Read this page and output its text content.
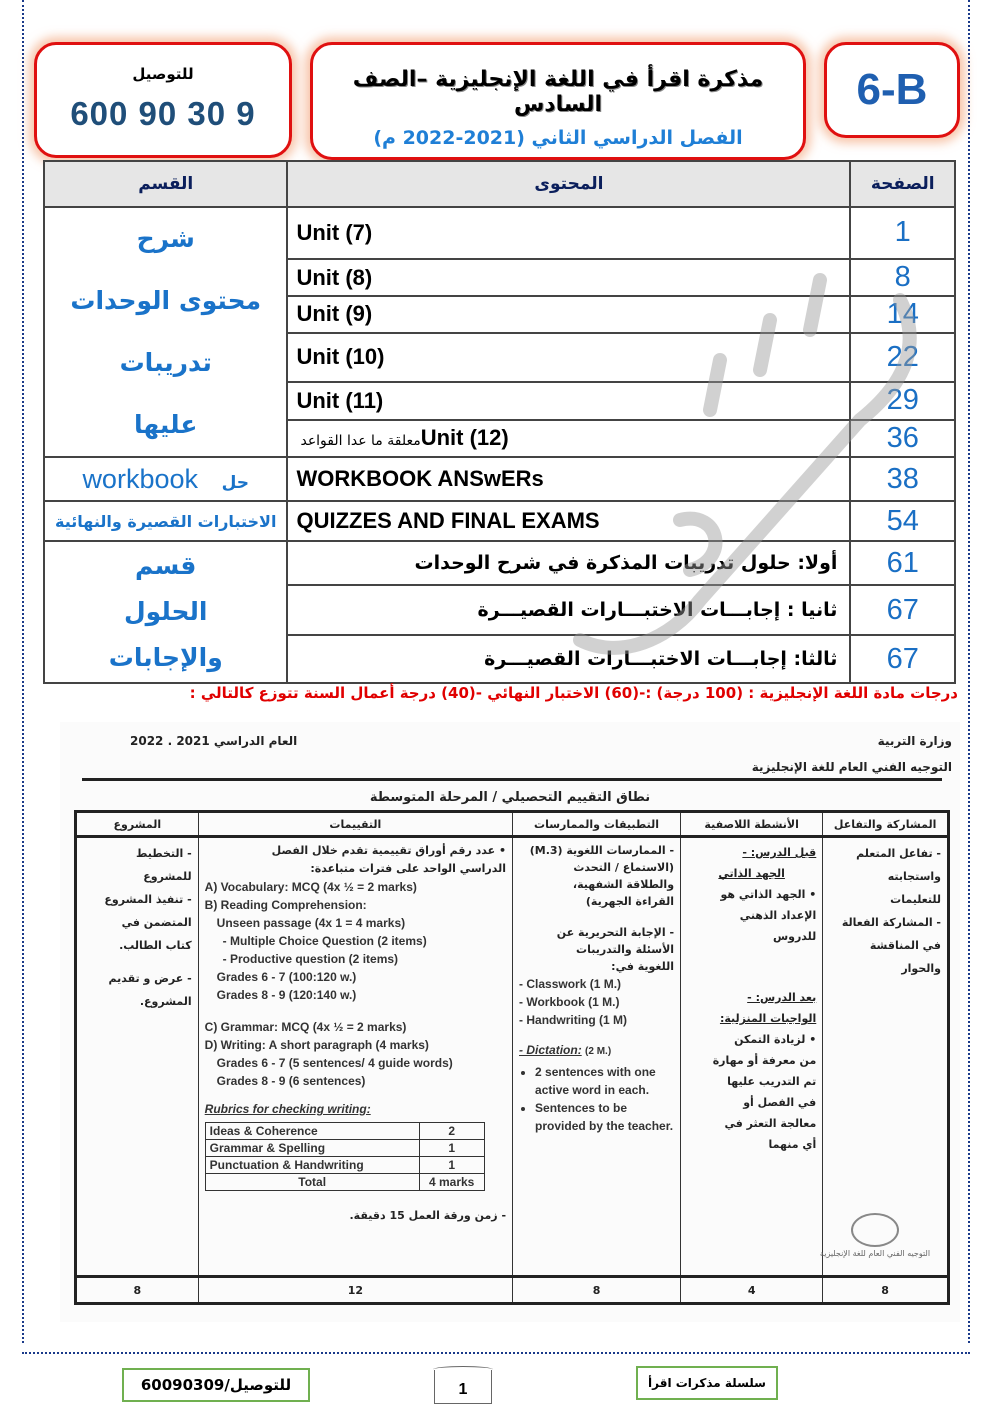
للتوصيل
600 90 30 9
مذكرة اقرأ في اللغة الإنجليزية –الصف السادس
الفصل الدراسي الثاني (2021-2022 م)
6-B
الصفحة	المحتوى	القسم
1	Unit (7)	شرح
محتوى الوحدات
تدريبات
عليها

8	Unit (8)	
14	Unit (9)	
22	Unit (10)	
29	Unit (11)	
36	Unit (12)معلقة ما عدا القواعد	
38	WORKBOOK ANSwERs	حل workbook
54	QUIZZES AND FINAL EXAMS	الاختبارات القصيرة والنهائية
61	أولا: حلول تدريبات المذكرة في شرح الوحدات	قسم
الحلول
والإجابات

67	ثانيا : إجابـــات الاختبـــارات القصيـــرة	
67	ثالثا: إجابـــات الاختبـــارات القصيـــرة	
درجات مادة اللغة الإنجليزية : (100 درجة) :-(60) الاختبار النهائي -(40) درجة أعمال السنة تتوزع كالتالي :
وزارة التربية
التوجيه الفني العام للغة الإنجليزية
العام الدراسي 2021 . 2022
نطاق التقييم التحصيلي / المرحلة المتوسطة
المشاركة والتفاعل	الأنشطة اللاصفية	التطبيقات والممارسات	التقييمات	المشروع

- تفاعل المتعلم
واستجابته
للتعليمات
- المشاركة الفعالة
في المناقشة والحوار

قبل الدرس: -
الجهد الذاتي
• الجهد الذاتي هو
الإعداد الذهني
للدروس
بعد الدرس: -
الواجبات المنزلية:
• لزيادة التمكن
من معرفة أو مهارة
تم التدريب عليها
في الفصل أو
معالجة التعثر في
أي منهما

- الممارسات اللغوية (3.M)
(الاستماع / التحدث
والطلاقة الشفهية،
القراءة الجهرية)
- الإجابة التحريرية عن
الأسئلة والتدريبات
اللغوية في:
- Classwork (1 M.)
- Workbook (1 M.)
- Handwriting (1 M)
- Dictation: (2 M.)
• 2 sentences with one active word in each.
• Sentences to be provided by the teacher.

• عدد رقم أوراق تقييمية تقدم خلال الفصل
الدراسي الواحد على فترات متباعدة:
A) Vocabulary: MCQ (4x ½ = 2 marks)
B) Reading Comprehension:
Unseen passage (4x 1 = 4 marks)
- Multiple Choice Question (2 items)
- Productive question (2 items)
Grades 6 - 7 (100:120 w.)
Grades 8 - 9 (120:140 w.)
C) Grammar: MCQ (4x ½ = 2 marks)
D) Writing: A short paragraph (4 marks)
Grades 6 - 7 (5 sentences/ 4 guide words)
Grades 8 - 9 (6 sentences)
Rubrics for checking writing:
Ideas & Coherence	2
Grammar & Spelling	1
Punctuation & Handwriting	1
Total	4 marks
- زمن ورقة العمل 15 دقيقة.

- التخطيط
للمشروع
- تنفيذ المشروع
المتضمن في
كتاب الطالب.
- عرض و تقديم
المشروع.

8	4	8	12	8
التوجيه الفني العام للغة الإنجليزية
للتوصيل/60090309	1	سلسلة مذكرات اقرأ
